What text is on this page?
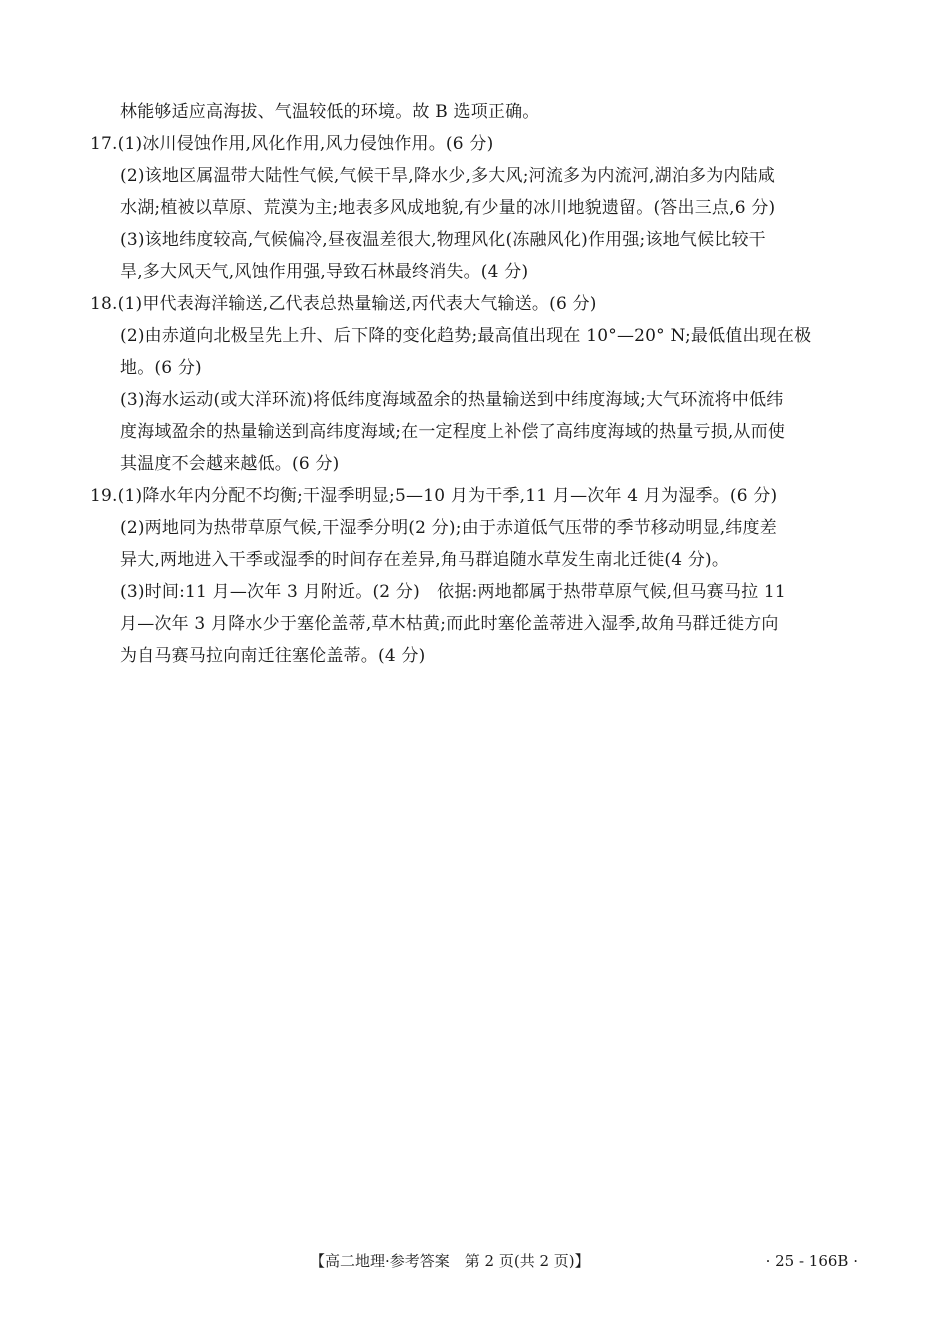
林能够适应高海拔、气温较低的环境。故 B 选项正确。
17.(1)冰川侵蚀作用,风化作用,风力侵蚀作用。(6 分)
(2)该地区属温带大陆性气候,气候干旱,降水少,多大风;河流多为内流河,湖泊多为内陆咸
水湖;植被以草原、荒漠为主;地表多风成地貌,有少量的冰川地貌遗留。(答出三点,6 分)
(3)该地纬度较高,气候偏冷,昼夜温差很大,物理风化(冻融风化)作用强;该地气候比较干
旱,多大风天气,风蚀作用强,导致石林最终消失。(4 分)
18.(1)甲代表海洋输送,乙代表总热量输送,丙代表大气输送。(6 分)
(2)由赤道向北极呈先上升、后下降的变化趋势;最高值出现在 10°—20° N;最低值出现在极
地。(6 分)
(3)海水运动(或大洋环流)将低纬度海域盈余的热量输送到中纬度海域;大气环流将中低纬
度海域盈余的热量输送到高纬度海域;在一定程度上补偿了高纬度海域的热量亏损,从而使
其温度不会越来越低。(6 分)
19.(1)降水年内分配不均衡;干湿季明显;5—10 月为干季,11 月—次年 4 月为湿季。(6 分)
(2)两地同为热带草原气候,干湿季分明(2 分);由于赤道低气压带的季节移动明显,纬度差
异大,两地进入干季或湿季的时间存在差异,角马群追随水草发生南北迁徙(4 分)。
(3)时间:11 月—次年 3 月附近。(2 分)　依据:两地都属于热带草原气候,但马赛马拉 11
月—次年 3 月降水少于塞伦盖蒂,草木枯黄;而此时塞伦盖蒂进入湿季,故角马群迁徙方向
为自马赛马拉向南迁往塞伦盖蒂。(4 分)
【高二地理·参考答案　第 2 页(共 2 页)】	· 25 - 166B ·
